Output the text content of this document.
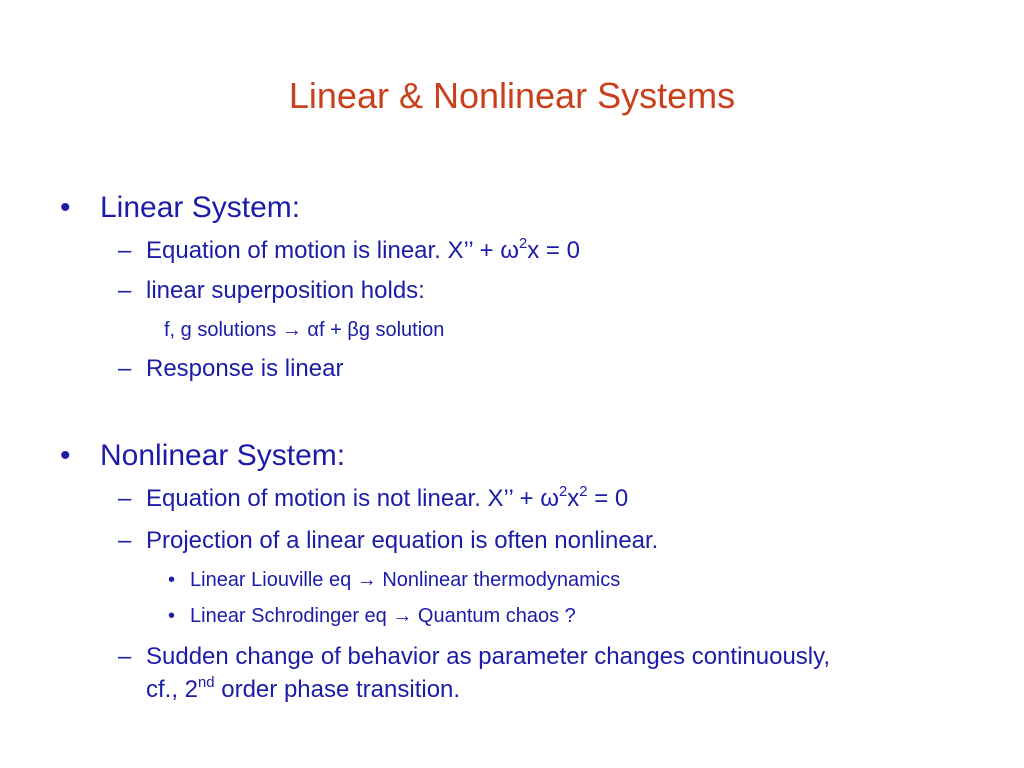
Linear & Nonlinear Systems
• Linear System:
– Equation of motion is linear. X’’ + $\omega^2x = 0$
– linear superposition holds:
f, g solutions → αf + βg solution
– Response is linear
• Nonlinear System:
– Equation of motion is not linear. X’’ + $\omega^2x^2 = 0$
– Projection of a linear equation is often nonlinear.
• Linear Liouville eq → Nonlinear thermodynamics
• Linear Schrodinger eq → Quantum chaos ?
– Sudden change of behavior as parameter changes continuously,
cf., 2nd order phase transition.
